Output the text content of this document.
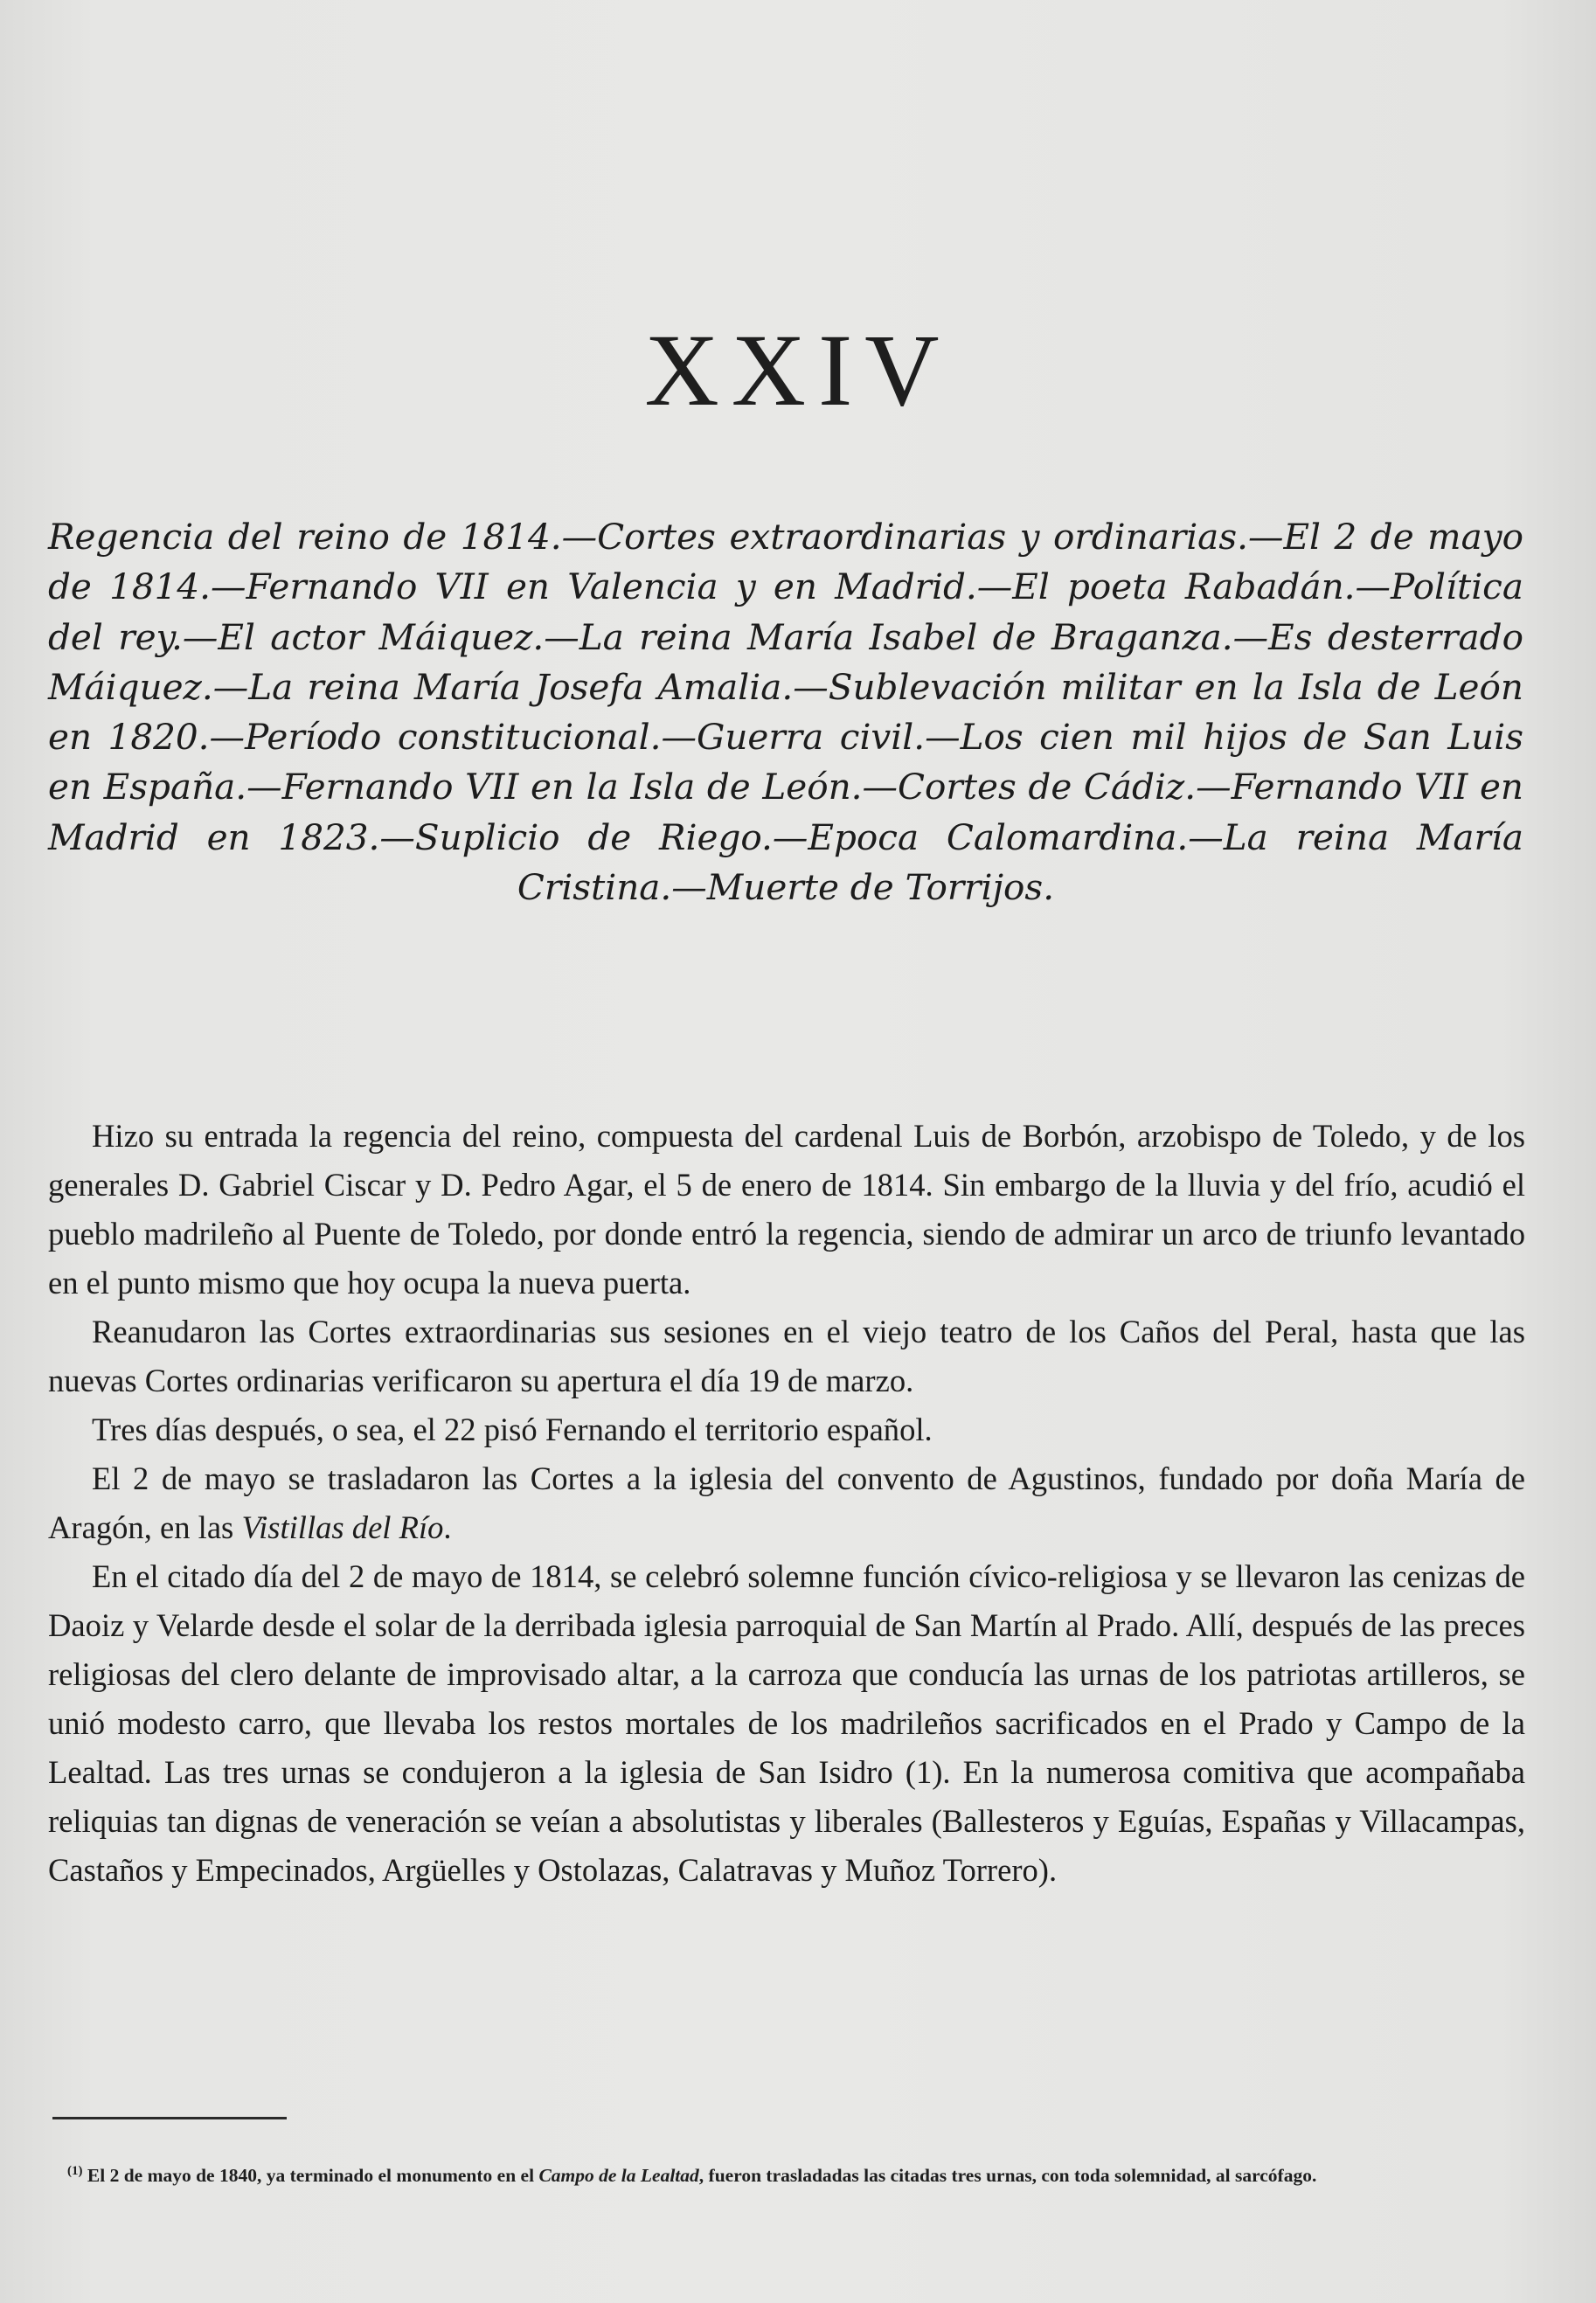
XXIV
Regencia del reino de 1814.—Cortes extraordinarias y ordinarias.—El 2 de mayo de 1814.—Fernando VII en Valencia y en Madrid.—El poeta Rabadán.—Política del rey.—El actor Máiquez.—La reina María Isabel de Braganza.—Es desterrado Máiquez.—La reina María Josefa Amalia.—Sublevación militar en la Isla de León en 1820.—Período constitucional.—Guerra civil.—Los cien mil hijos de San Luis en España.—Fernando VII en la Isla de León.—Cortes de Cádiz.—Fernando VII en Madrid en 1823.—Suplicio de Riego.—Epoca Calomardina.—La reina María Cristina.—Muerte de Torrijos.

Hizo su entrada la regencia del reino, compuesta del cardenal Luis de Borbón, arzobispo de Toledo, y de los generales D. Gabriel Ciscar y D. Pedro Agar, el 5 de enero de 1814. Sin embargo de la lluvia y del frío, acudió el pueblo madrileño al Puente de Toledo, por donde entró la regencia, siendo de admirar un arco de triunfo levantado en el punto mismo que hoy ocupa la nueva puerta.

Reanudaron las Cortes extraordinarias sus sesiones en el viejo teatro de los Caños del Peral, hasta que las nuevas Cortes ordinarias verificaron su apertura el día 19 de marzo.

Tres días después, o sea, el 22 pisó Fernando el territorio español.

El 2 de mayo se trasladaron las Cortes a la iglesia del convento de Agustinos, fundado por doña María de Aragón, en las Vistillas del Río.

En el citado día del 2 de mayo de 1814, se celebró solemne función cívico-religiosa y se llevaron las cenizas de Daoiz y Velarde desde el solar de la derribada iglesia parroquial de San Martín al Prado. Allí, después de las preces religiosas del clero delante de improvisado altar, a la carroza que conducía las urnas de los patriotas artilleros, se unió modesto carro, que llevaba los restos mortales de los madrileños sacrificados en el Prado y Campo de la Lealtad. Las tres urnas se condujeron a la iglesia de San Isidro (1). En la numerosa comitiva que acompañaba reliquias tan dignas de veneración se veían a absolutistas y liberales (Ballesteros y Eguías, Españas y Villacampas, Castaños y Empecinados, Argüelles y Ostolazas, Calatravas y Muñoz Torrero).

$^{(1)}$ El 2 de mayo de 1840, ya terminado el monumento en el Campo de la Lealtad, fueron trasladadas las citadas tres urnas, con toda solemnidad, al sarcófago.
